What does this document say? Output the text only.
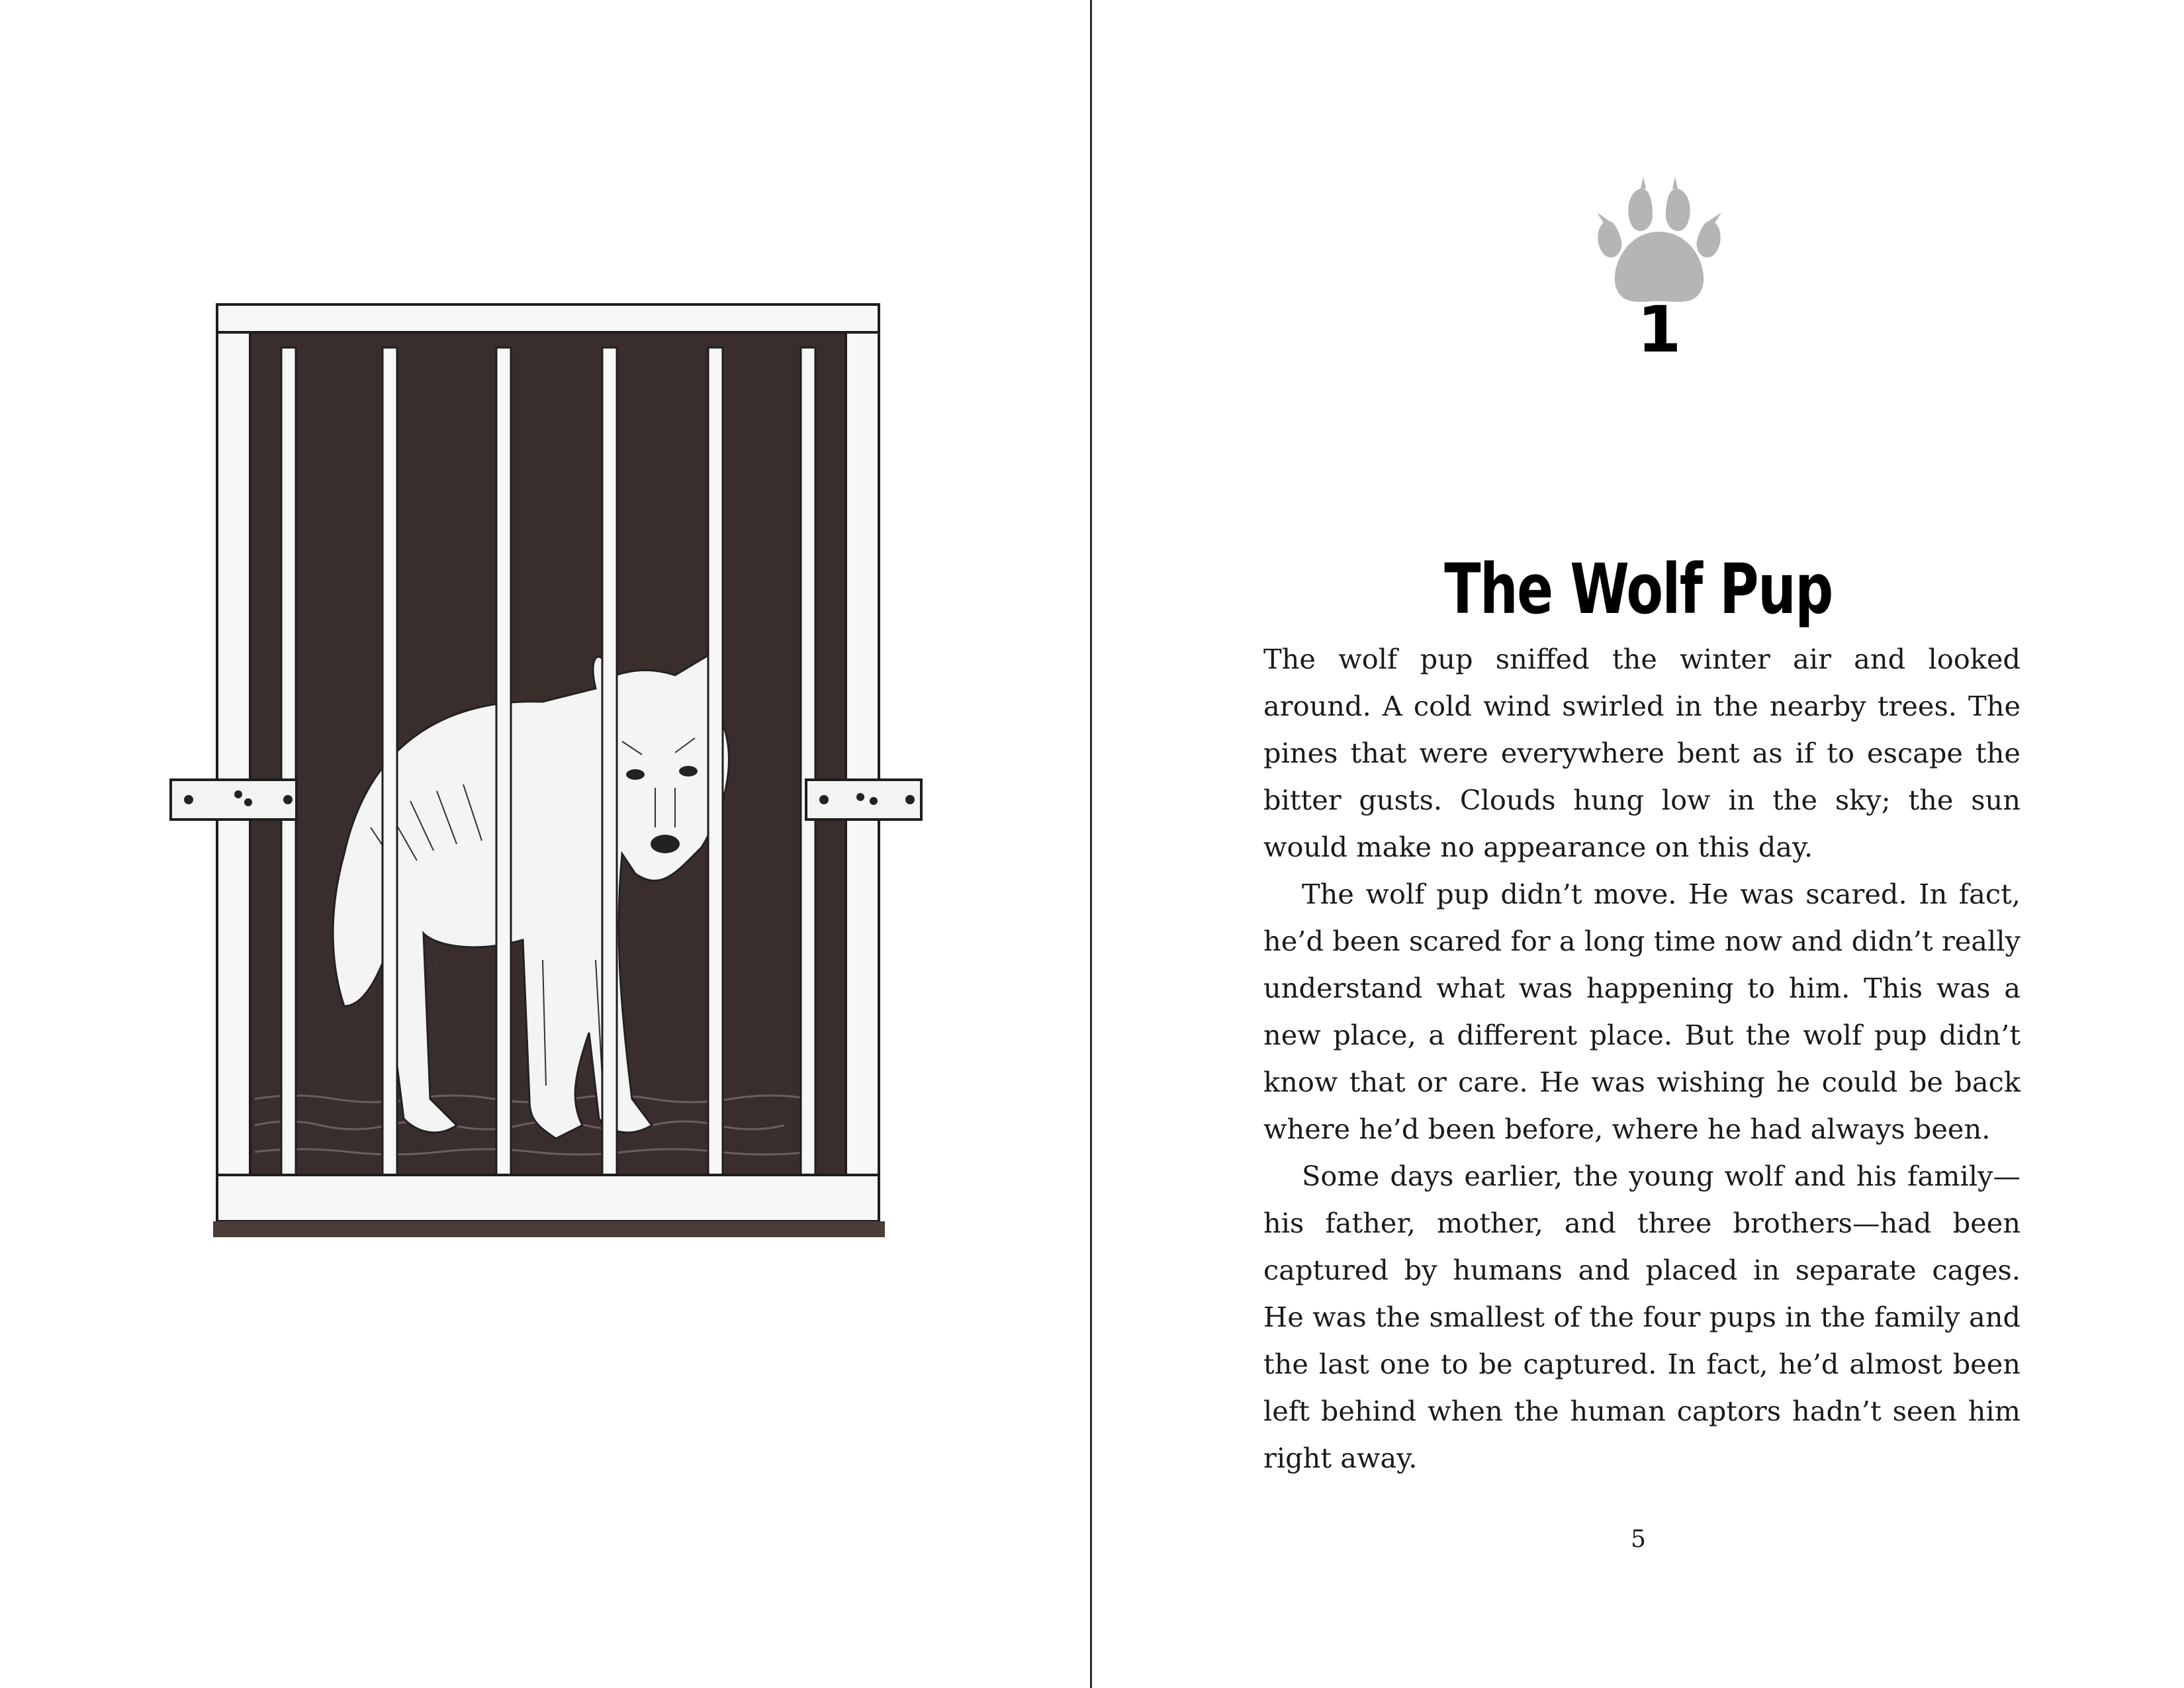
1
The Wolf Pup

The wolf pup sniffed the winter air and looked around. A cold wind swirled in the nearby trees. The pines that were everywhere bent as if to escape the bitter gusts. Clouds hung low in the sky; the sun would make no appearance on this day.

The wolf pup didn’t move. He was scared. In fact, he’d been scared for a long time now and didn’t really understand what was happening to him. This was a new place, a different place. But the wolf pup didn’t know that or care. He was wishing he could be back where he’d been before, where he had always been.

Some days earlier, the young wolf and his family—his father, mother, and three brothers—had been captured by humans and placed in separate cages. He was the smallest of the four pups in the family and the last one to be captured. In fact, he’d almost been left behind when the human captors hadn’t seen him right away.

5
